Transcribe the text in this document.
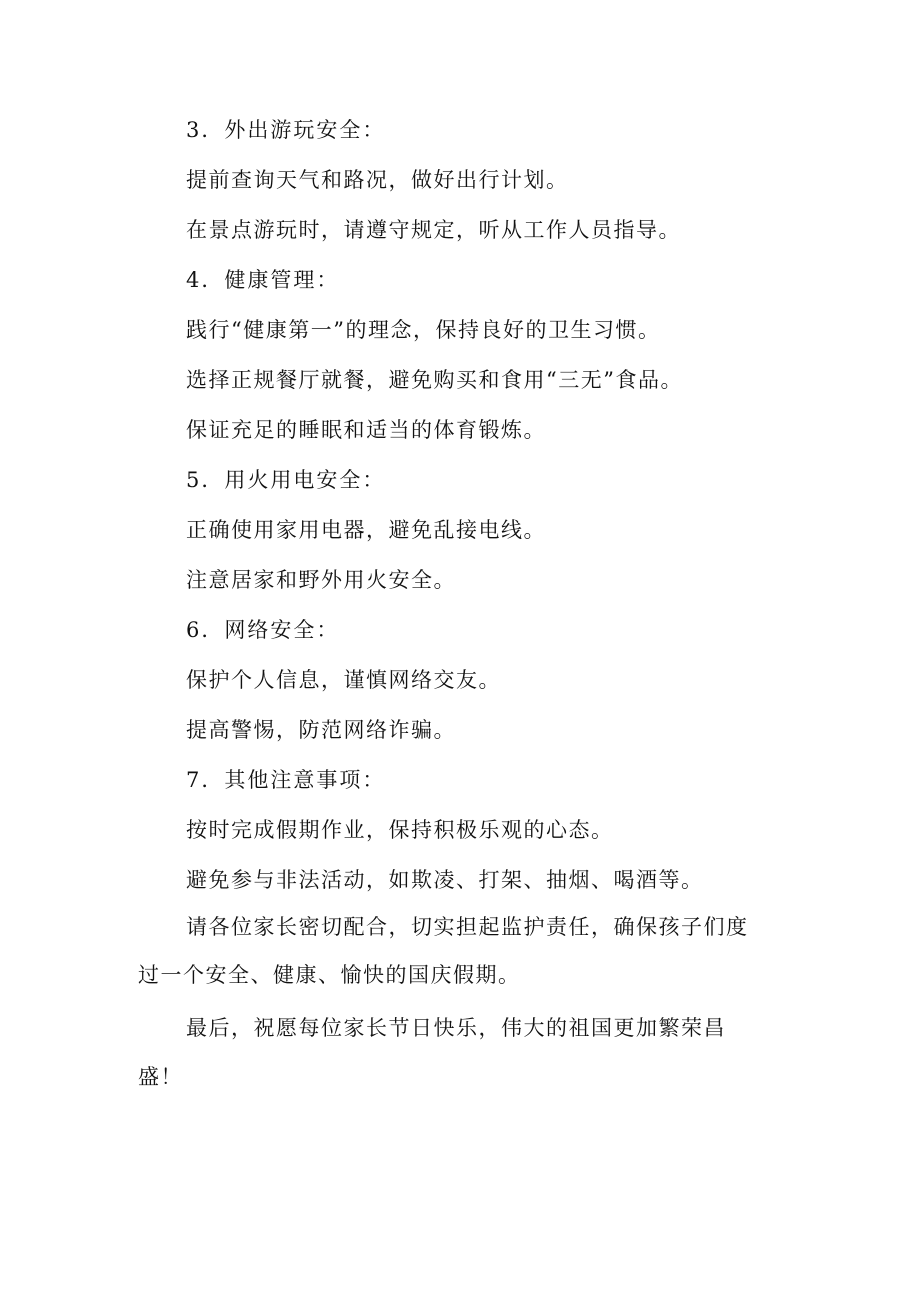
3．外出游玩安全：
提前查询天气和路况，做好出行计划。
在景点游玩时，请遵守规定，听从工作人员指导。
4．健康管理：
践行“健康第一”的理念，保持良好的卫生习惯。
选择正规餐厅就餐，避免购买和食用“三无”食品。
保证充足的睡眠和适当的体育锻炼。
5．用火用电安全：
正确使用家用电器，避免乱接电线。
注意居家和野外用火安全。
6．网络安全：
保护个人信息，谨慎网络交友。
提高警惕，防范网络诈骗。
7．其他注意事项：
按时完成假期作业，保持积极乐观的心态。
避免参与非法活动，如欺凌、打架、抽烟、喝酒等。
请各位家长密切配合，切实担起监护责任，确保孩子们度
过一个安全、健康、愉快的国庆假期。
最后，祝愿每位家长节日快乐，伟大的祖国更加繁荣昌
盛！
